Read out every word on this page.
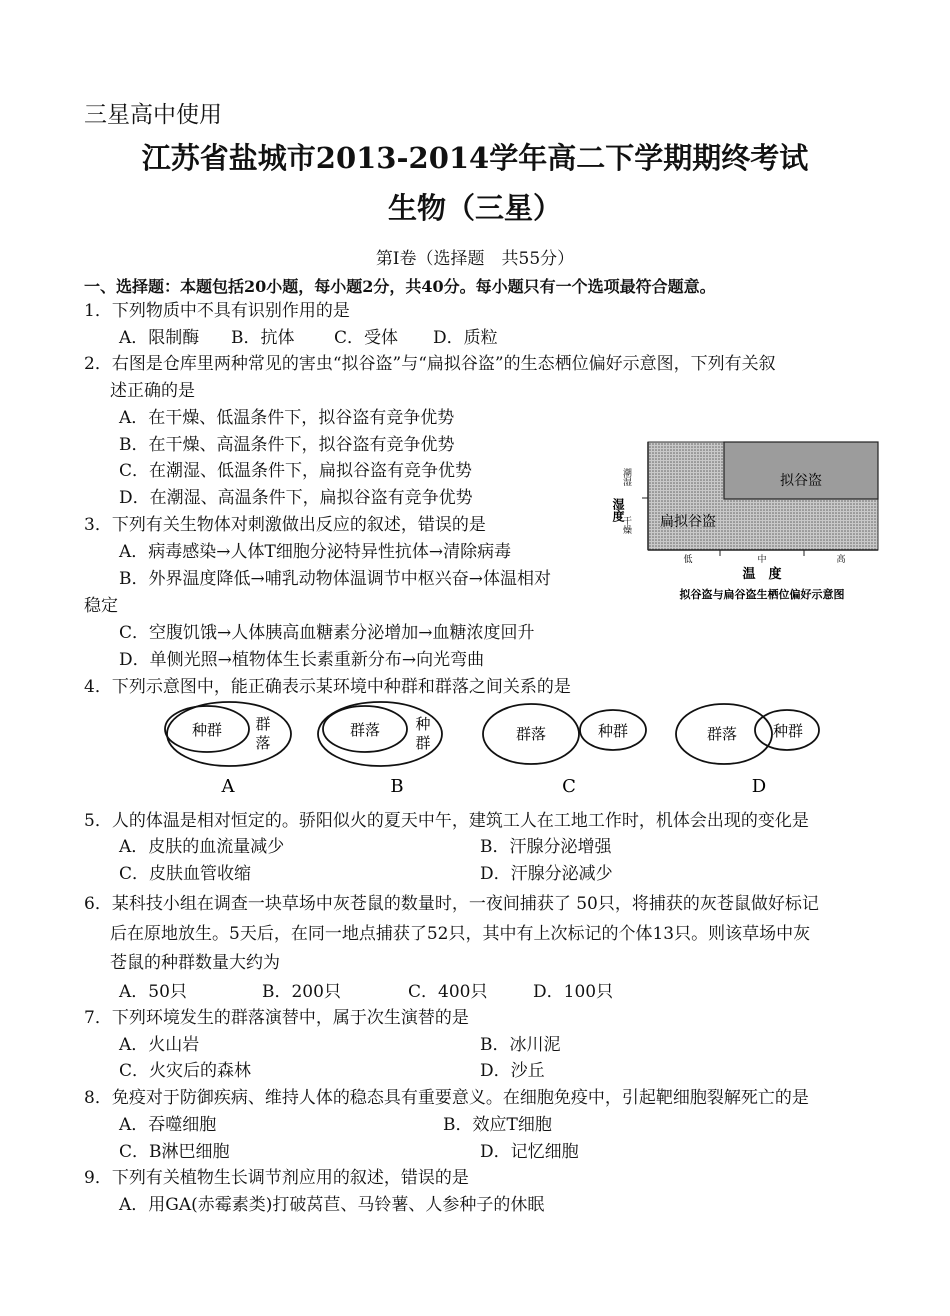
三星高中使用
江苏省盐城市2013-2014学年高二下学期期终考试
生物（三星）
第Ⅰ卷（选择题　共55分）
一、选择题：本题包括20小题，每小题2分，共40分。每小题只有一个选项最符合题意。
1．下列物质中不具有识别作用的是
A．限制酶 B．抗体 C．受体 D．质粒
2．右图是仓库里两种常见的害虫“拟谷盗”与“扁拟谷盗”的生态栖位偏好示意图，下列有关叙
述正确的是
A．在干燥、低温条件下，拟谷盗有竞争优势
B．在干燥、高温条件下，拟谷盗有竞争优势
C．在潮湿、低温条件下，扁拟谷盗有竞争优势
D．在潮湿、高温条件下，扁拟谷盗有竞争优势
拟谷盗
扁拟谷盗
潮湿
湿度
干燥
低	中	高
温　度
拟谷盗与扁谷盗生栖位偏好示意图
3．下列有关生物体对刺激做出反应的叙述，错误的是
A．病毒感染→人体T细胞分泌特异性抗体→清除病毒
B．外界温度降低→哺乳动物体温调节中枢兴奋→体温相对
稳定
C．空腹饥饿→人体胰高血糖素分泌增加→血糖浓度回升
D．单侧光照→植物体生长素重新分布→向光弯曲
4．下列示意图中，能正确表示某环境中种群和群落之间关系的是
种群 群
落
群落 种
群	群落	种群	群落 种群
A	B	C	D
5．人的体温是相对恒定的。骄阳似火的夏天中午，建筑工人在工地工作时，机体会出现的变化是
A．皮肤的血流量减少	B．汗腺分泌增强
C．皮肤血管收缩	D．汗腺分泌减少
6．某科技小组在调查一块草场中灰苍鼠的数量时，一夜间捕获了 50只，将捕获的灰苍鼠做好标记
后在原地放生。5天后，在同一地点捕获了52只，其中有上次标记的个体13只。则该草场中灰
苍鼠的种群数量大约为
A．50只	B．200只	C．400只	D．100只
7．下列环境发生的群落演替中，属于次生演替的是
A．火山岩	B．冰川泥
C．火灾后的森林	D．沙丘
8．免疫对于防御疾病、维持人体的稳态具有重要意义。在细胞免疫中，引起靶细胞裂解死亡的是
A．吞噬细胞	B．效应T细胞
C．B淋巴细胞	D．记忆细胞
9．下列有关植物生长调节剂应用的叙述，错误的是
A．用GA(赤霉素类)打破莴苣、马铃薯、人参种子的休眠
